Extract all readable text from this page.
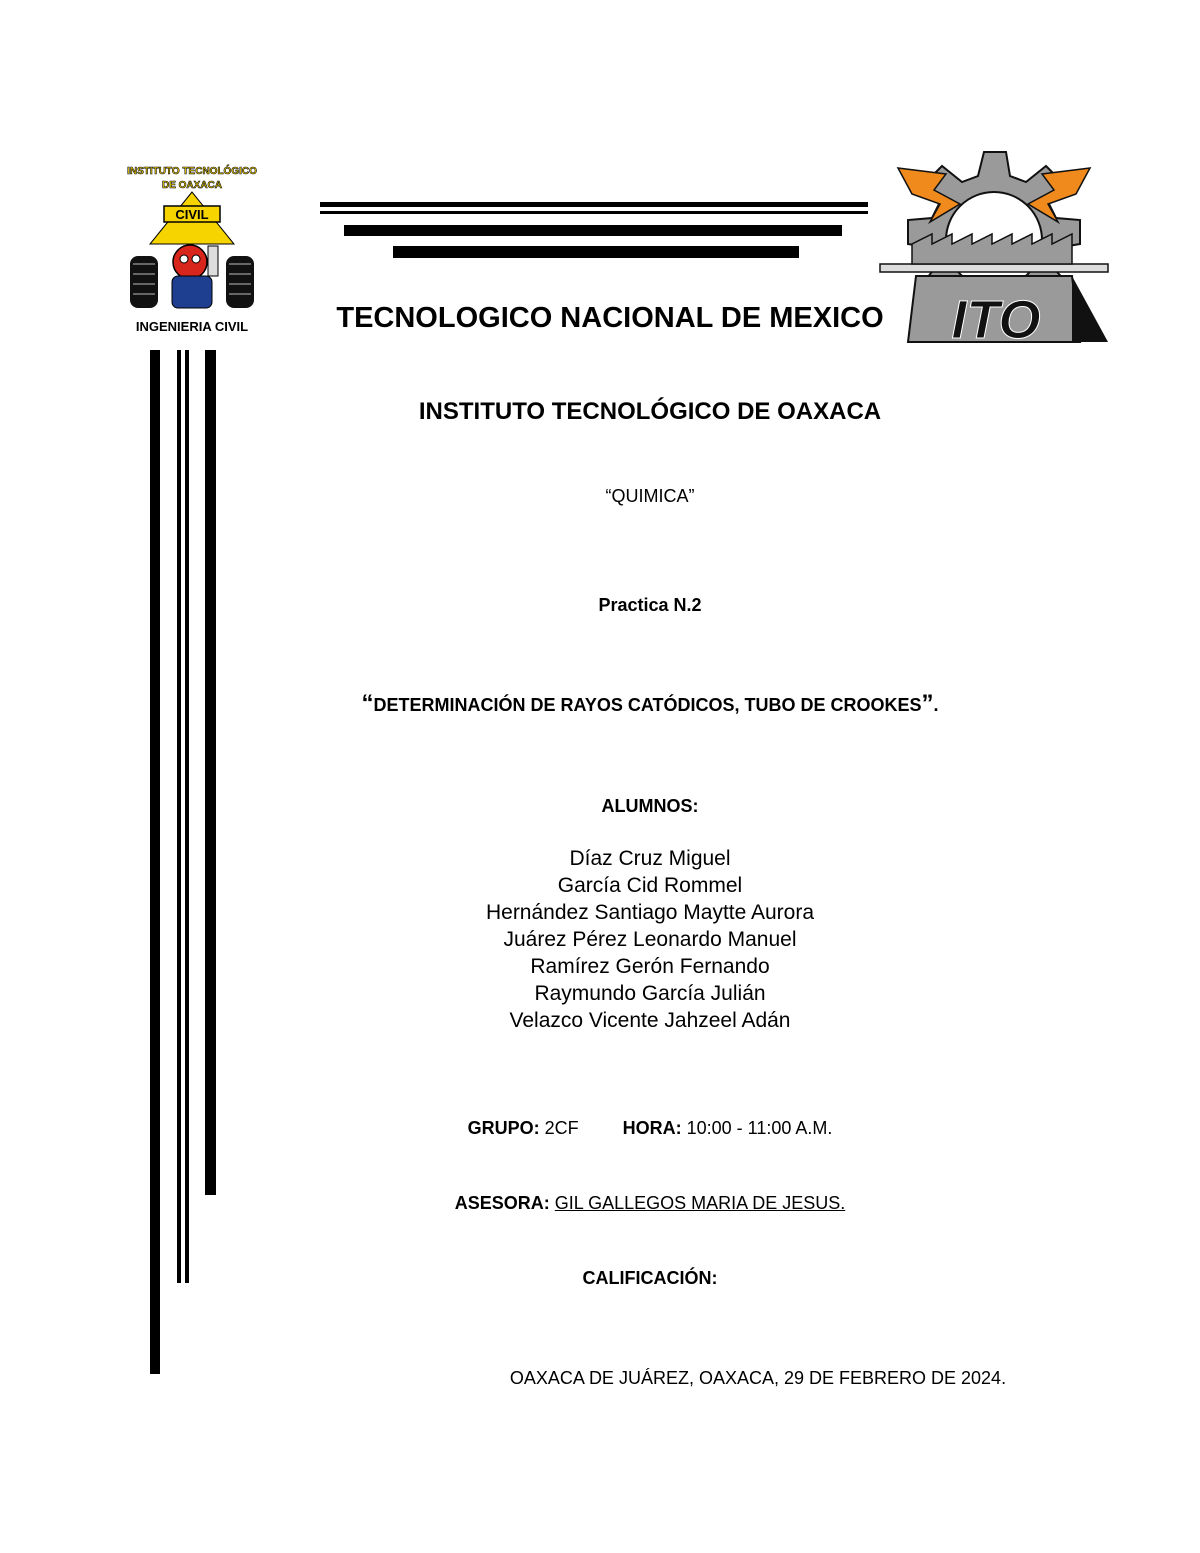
INSTITUTO TECNOLÓGICO
DE OAXACA
CIVIL
INGENIERIA CIVIL	ITO
TECNOLOGICO NACIONAL DE MEXICO
INSTITUTO TECNOLÓGICO DE OAXACA
“QUIMICA”
Practica N.2
“DETERMINACIÓN DE RAYOS CATÓDICOS, TUBO DE CROOKES”.
ALUMNOS:
Díaz Cruz Miguel
García Cid Rommel
Hernández Santiago Maytte Aurora
Juárez Pérez Leonardo Manuel
Ramírez Gerón Fernando
Raymundo García Julián
Velazco Vicente Jahzeel Adán
GRUPO: 2CF HORA: 10:00 - 11:00 A.M.
ASESORA: GIL GALLEGOS MARIA DE JESUS.
CALIFICACIÓN:
OAXACA DE JUÁREZ, OAXACA, 29 DE FEBRERO DE 2024.
